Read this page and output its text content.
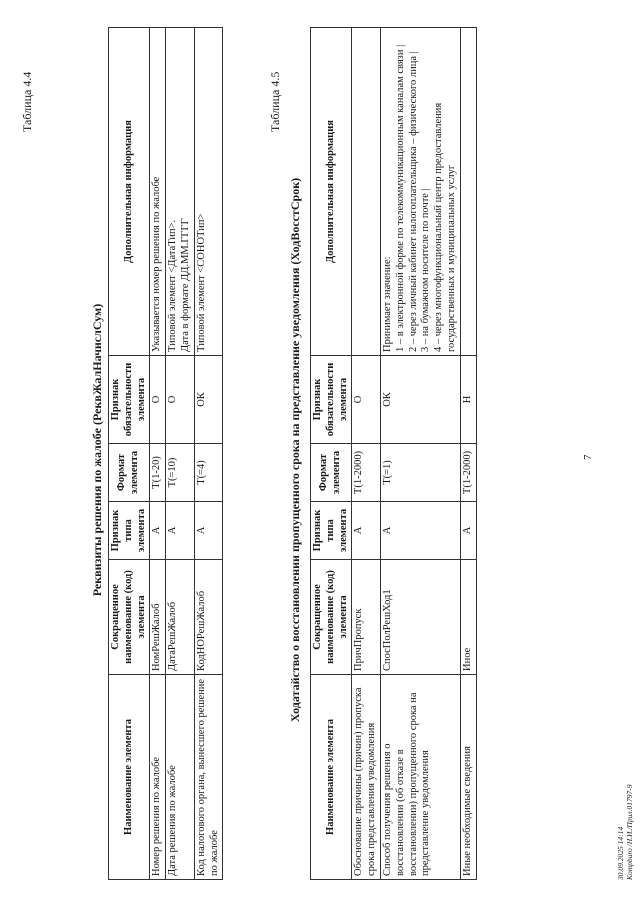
7
Таблица 4.4
Реквизиты решения по жалобе (РеквЖалНачислСум)
Наименование элемента	Сокращенное наименование (код) элемента	Признак типа элемента	Формат элемента	Признак обязательности элемента	Дополнительная информация
Номер решения по жалобе	НомРешЖалоб	А	T(1-20)	О	Указывается номер решения по жалобе

Дата решения по жалобе	ДатаРешЖалоб	А	T(=10)	О	Типовой элемент <ДатаТип>. Дата в формате ДД.ММ.ГГГГ

Код налогового органа, вынесшего решение по жалобе	КодНОРешЖалоб	А	T(=4)	ОК	Типовой элемент <СОНОТип>
Таблица 4.5
Ходатайство о восстановлении пропущенного срока на представление уведомления (ХодВосстСрок)
Наименование элемента	Сокращенное наименование (код) элемента	Признак типа элемента	Формат элемента	Признак обязательности элемента	Дополнительная информация
Обоснование причины (причин) пропуска срока представления уведомления	ПричПропуск	А	T(1-2000)	О	
Способ получения решения о восстановлении (об отказе в восстановлении) пропущенного срока на представление уведомления	СпосПолРешХод1	А	T(=1)	ОК	Принимает значение: 1 – в электронной форме по телекоммуникационным каналам связи | 2 – через личный кабинет налогоплательщика – физического лица | 3 – на бумажном носителе по почте | 4 – через многофункциональный центр предоставления государственных и муниципальных услуг

Иные необходимые сведения	Иное	А	T(1-2000)	Н	
30.09.2025 14:14 Kompburo /Н.И./Прил.01797-9
